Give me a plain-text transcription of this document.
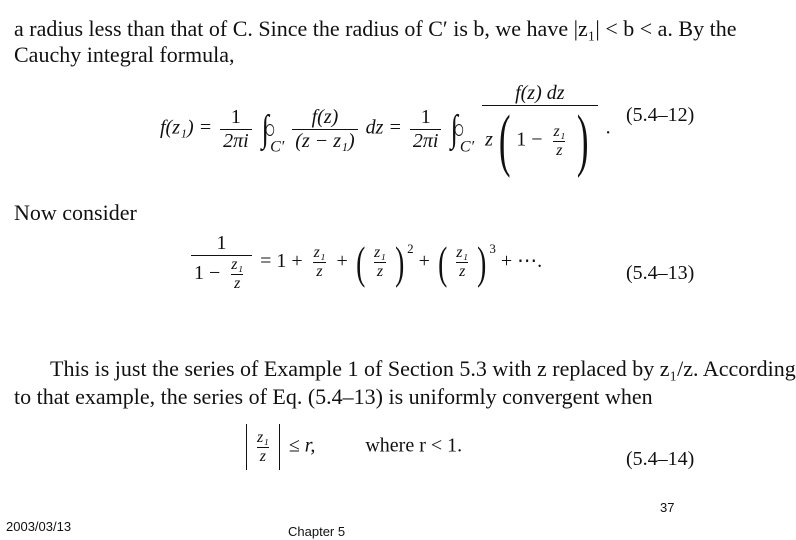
a radius less than that of C. Since the radius of C′ is b, we have |z₁| < b < a. By the
Cauchy integral formula,
$f(z_1) = \frac{1}{2\pi i}$ ∫
$_{C'} \frac{f(z)}{\text{(z − z₁)}}$ dz = $\frac{1}{2\pi i}$ ∫
$_{C'} \frac{f(z) dz}{z( 1 - \frac{\text{z₁}}{z} )}$ .
(5.4–12)
Now consider
$\frac{1}{1 - \frac{\text{z₁}}{z}} = 1 + \frac{\text{z₁}}{z}$ + ( $\frac{\text{z₁}}{z}$ ) $^2$ + ( $\frac{\text{z₁}}{z}$ ) $^3$ + ⋯.
(5.4–13)
This is just the series of Example 1 of Section 5.3 with z replaced by z₁/z. According
to that example, the series of Eq. (5.4–13) is uniformly convergent when
$\frac{\text{z₁}}{z} \le r$,	where r < 1.
(5.4–14)
37
2003/03/13	Chapter 5
